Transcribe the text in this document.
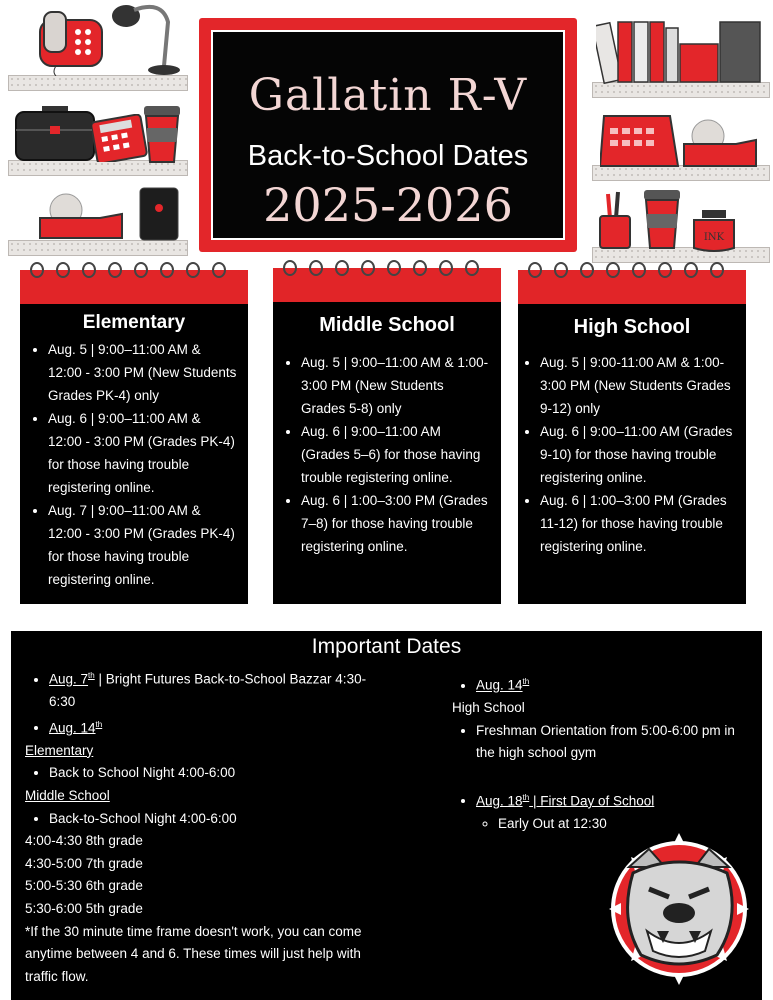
INK
Gallatin R-V
Back-to-School Dates
2025-2026
Elementary
• Aug. 5 | 9:00–11:00 AM & 12:00 - 3:00 PM (New Students Grades PK-4) only
• Aug. 6 | 9:00–11:00 AM & 12:00 - 3:00 PM (Grades PK-4) for those having trouble registering online.
• Aug. 7 | 9:00–11:00 AM & 12:00 - 3:00 PM (Grades PK-4) for those having trouble registering online.
Middle School
• Aug. 5 | 9:00–11:00 AM & 1:00-3:00 PM (New Students Grades 5-8) only
• Aug. 6 | 9:00–11:00 AM (Grades 5–6) for those having trouble registering online.
• Aug. 6 | 1:00–3:00 PM (Grades 7–8) for those having trouble registering online.
High School
• Aug. 5 | 9:00-11:00 AM & 1:00-3:00 PM (New Students Grades 9-12) only
• Aug. 6 | 9:00–11:00 AM (Grades 9-10) for those having trouble registering online.
• Aug. 6 | 1:00–3:00 PM (Grades 11-12) for those having trouble registering online.
Important Dates
• Aug. 7th | Bright Futures Back-to-School Bazzar 4:30-6:30
• Aug. 14th

Elementary

• Back to School Night 4:00-6:00

Middle School

• Back-to-School Night 4:00-6:00

4:00-4:30 8th grade

4:30-5:00 7th grade

5:00-5:30 6th grade

5:30-6:00 5th grade

*If the 30 minute time frame doesn't work, you can come anytime between 4 and 6. These times will just help with traffic flow.

• Aug. 14th

High School

• Freshman Orientation from 5:00-6:00 pm in the high school gym
• Aug. 18th | First Day of School
◦ Early Out at 12:30
